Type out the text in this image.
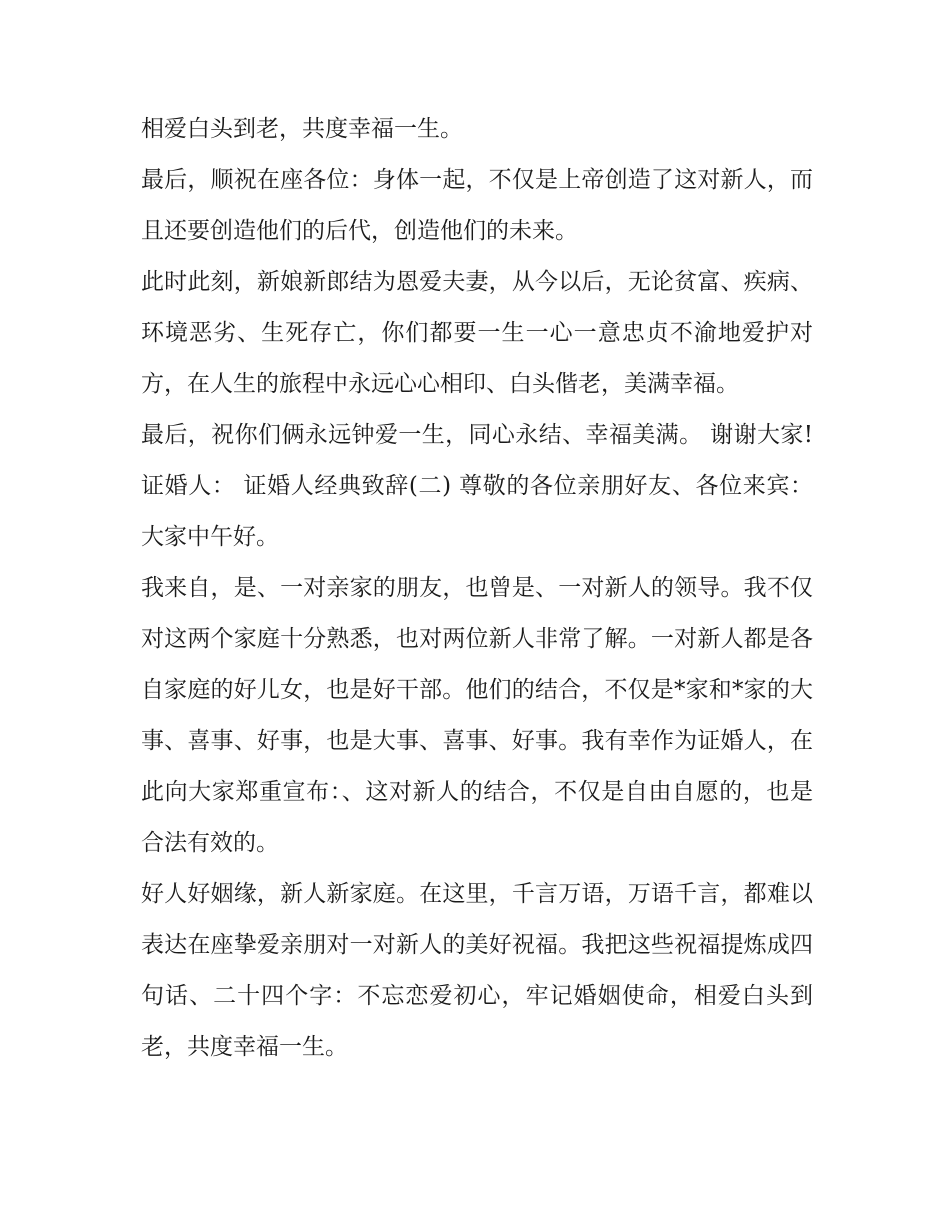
相爱白头到老，共度幸福一生。

最后，顺祝在座各位：身体一起，不仅是上帝创造了这对新人，而且还要创造他们的后代，创造他们的未来。

此时此刻，新娘新郎结为恩爱夫妻，从今以后，无论贫富、疾病、环境恶劣、生死存亡，你们都要一生一心一意忠贞不渝地爱护对方，在人生的旅程中永远心心相印、白头偕老，美满幸福。

最后，祝你们俩永远钟爱一生，同心永结、幸福美满。 谢谢大家! 证婚人： 证婚人经典致辞(二) 尊敬的各位亲朋好友、各位来宾： 大家中午好。

我来自，是、一对亲家的朋友，也曾是、一对新人的领导。我不仅对这两个家庭十分熟悉，也对两位新人非常了解。一对新人都是各自家庭的好儿女，也是好干部。他们的结合，不仅是*家和*家的大事、喜事、好事，也是大事、喜事、好事。我有幸作为证婚人，在此向大家郑重宣布：、这对新人的结合，不仅是自由自愿的，也是合法有效的。

好人好姻缘，新人新家庭。在这里，千言万语，万语千言，都难以表达在座挚爱亲朋对一对新人的美好祝福。我把这些祝福提炼成四句话、二十四个字：不忘恋爱初心，牢记婚姻使命，相爱白头到老，共度幸福一生。
